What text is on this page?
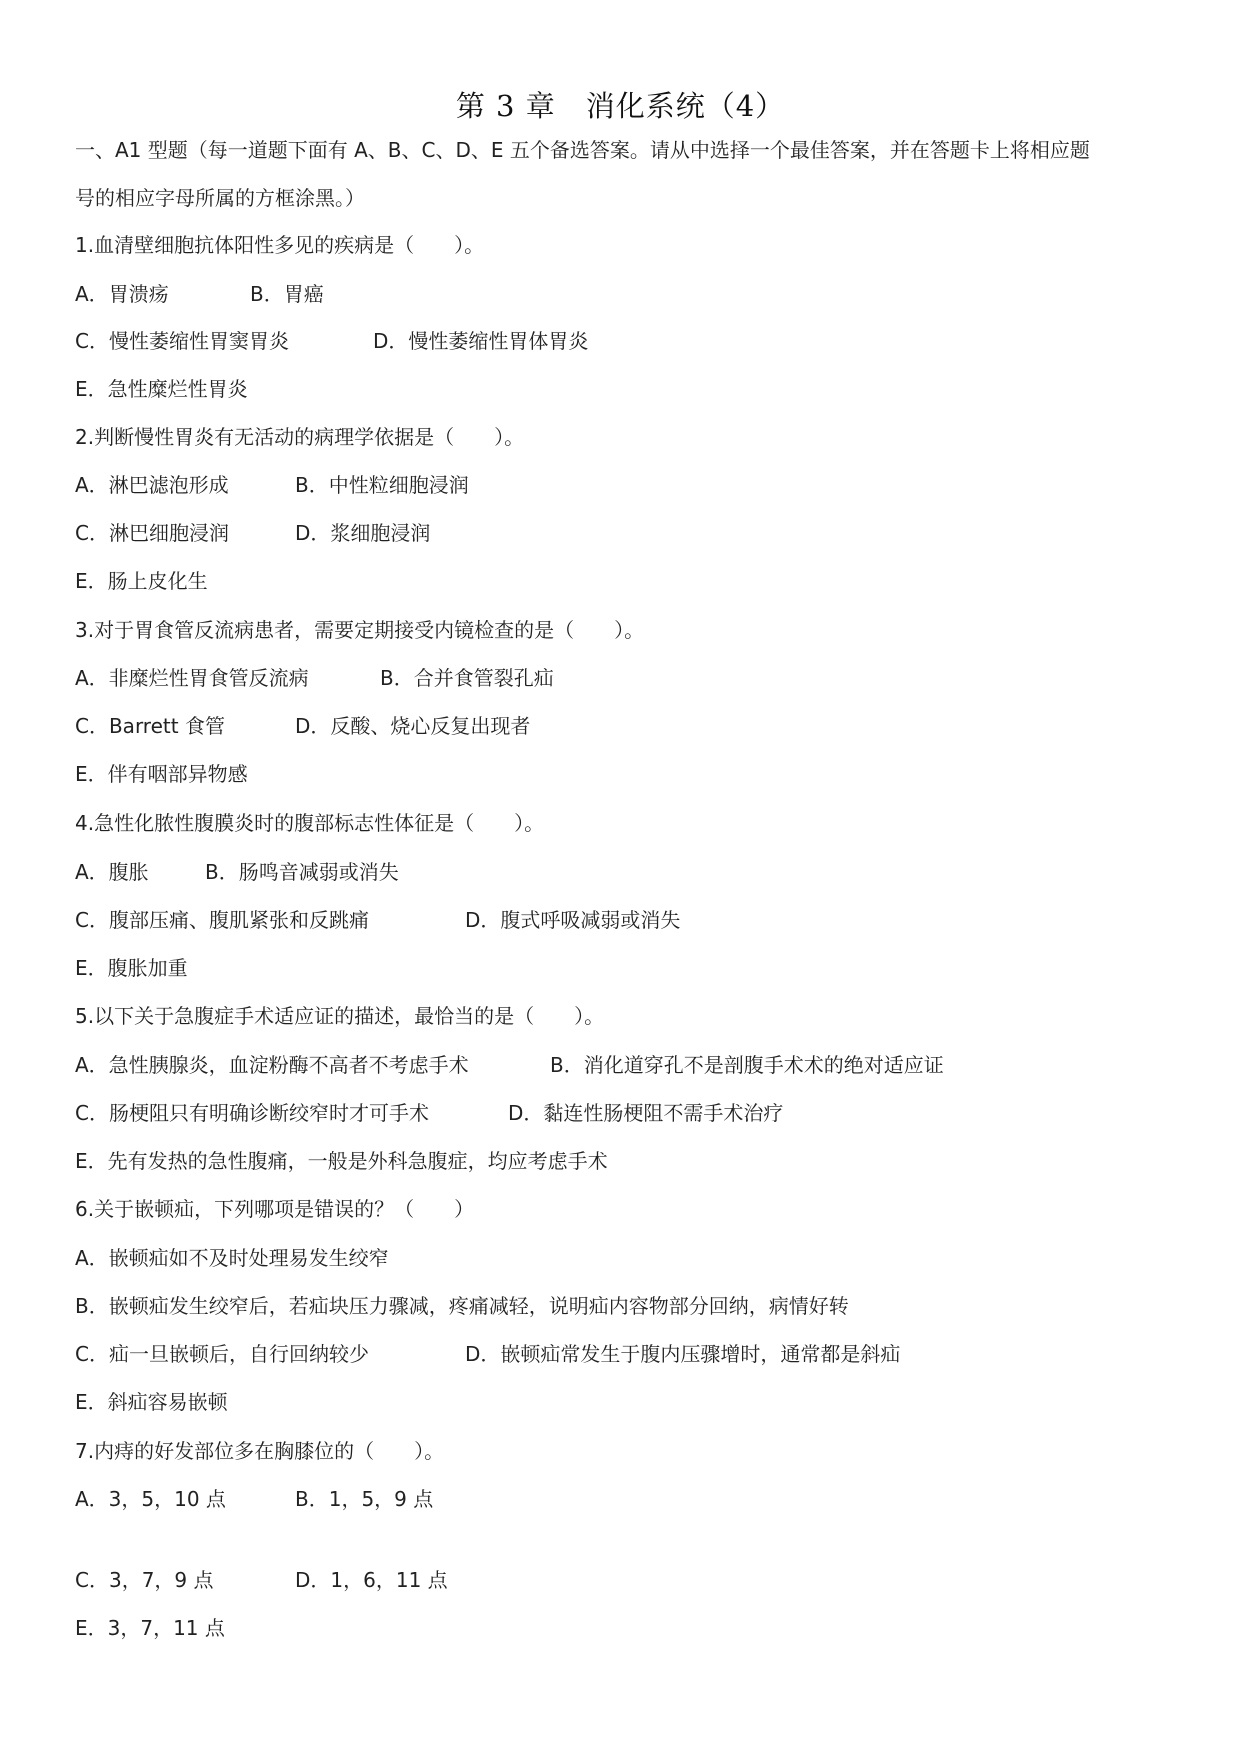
第 3 章　消化系统（4）
一、A1 型题（每一道题下面有 A、B、C、D、E 五个备选答案。请从中选择一个最佳答案，并在答题卡上将相应题
号的相应字母所属的方框涂黑。）
1.血清壁细胞抗体阳性多见的疾病是（　　）。
A．胃溃疡	B．胃癌
C．慢性萎缩性胃窦胃炎	D．慢性萎缩性胃体胃炎
E．急性糜烂性胃炎
2.判断慢性胃炎有无活动的病理学依据是（　　）。
A．淋巴滤泡形成	B．中性粒细胞浸润
C．淋巴细胞浸润	D．浆细胞浸润
E．肠上皮化生
3.对于胃食管反流病患者，需要定期接受内镜检查的是（　　）。
A．非糜烂性胃食管反流病	B．合并食管裂孔疝
C．Barrett 食管	D．反酸、烧心反复出现者
E．伴有咽部异物感
4.急性化脓性腹膜炎时的腹部标志性体征是（　　）。
A．腹胀	B．肠鸣音减弱或消失
C．腹部压痛、腹肌紧张和反跳痛	D．腹式呼吸减弱或消失
E．腹胀加重
5.以下关于急腹症手术适应证的描述，最恰当的是（　　）。
A．急性胰腺炎，血淀粉酶不高者不考虑手术	B．消化道穿孔不是剖腹手术术的绝对适应证
C．肠梗阻只有明确诊断绞窄时才可手术	D．黏连性肠梗阻不需手术治疗
E．先有发热的急性腹痛，一般是外科急腹症，均应考虑手术
6.关于嵌顿疝，下列哪项是错误的？（　　）
A．嵌顿疝如不及时处理易发生绞窄
B．嵌顿疝发生绞窄后，若疝块压力骤减，疼痛减轻，说明疝内容物部分回纳，病情好转
C．疝一旦嵌顿后，自行回纳较少	D．嵌顿疝常发生于腹内压骤增时，通常都是斜疝
E．斜疝容易嵌顿
7.内痔的好发部位多在胸膝位的（　　）。
A．3，5，10 点	B．1，5，9 点
C．3，7，9 点	D．1，6，11 点
E．3，7，11 点
